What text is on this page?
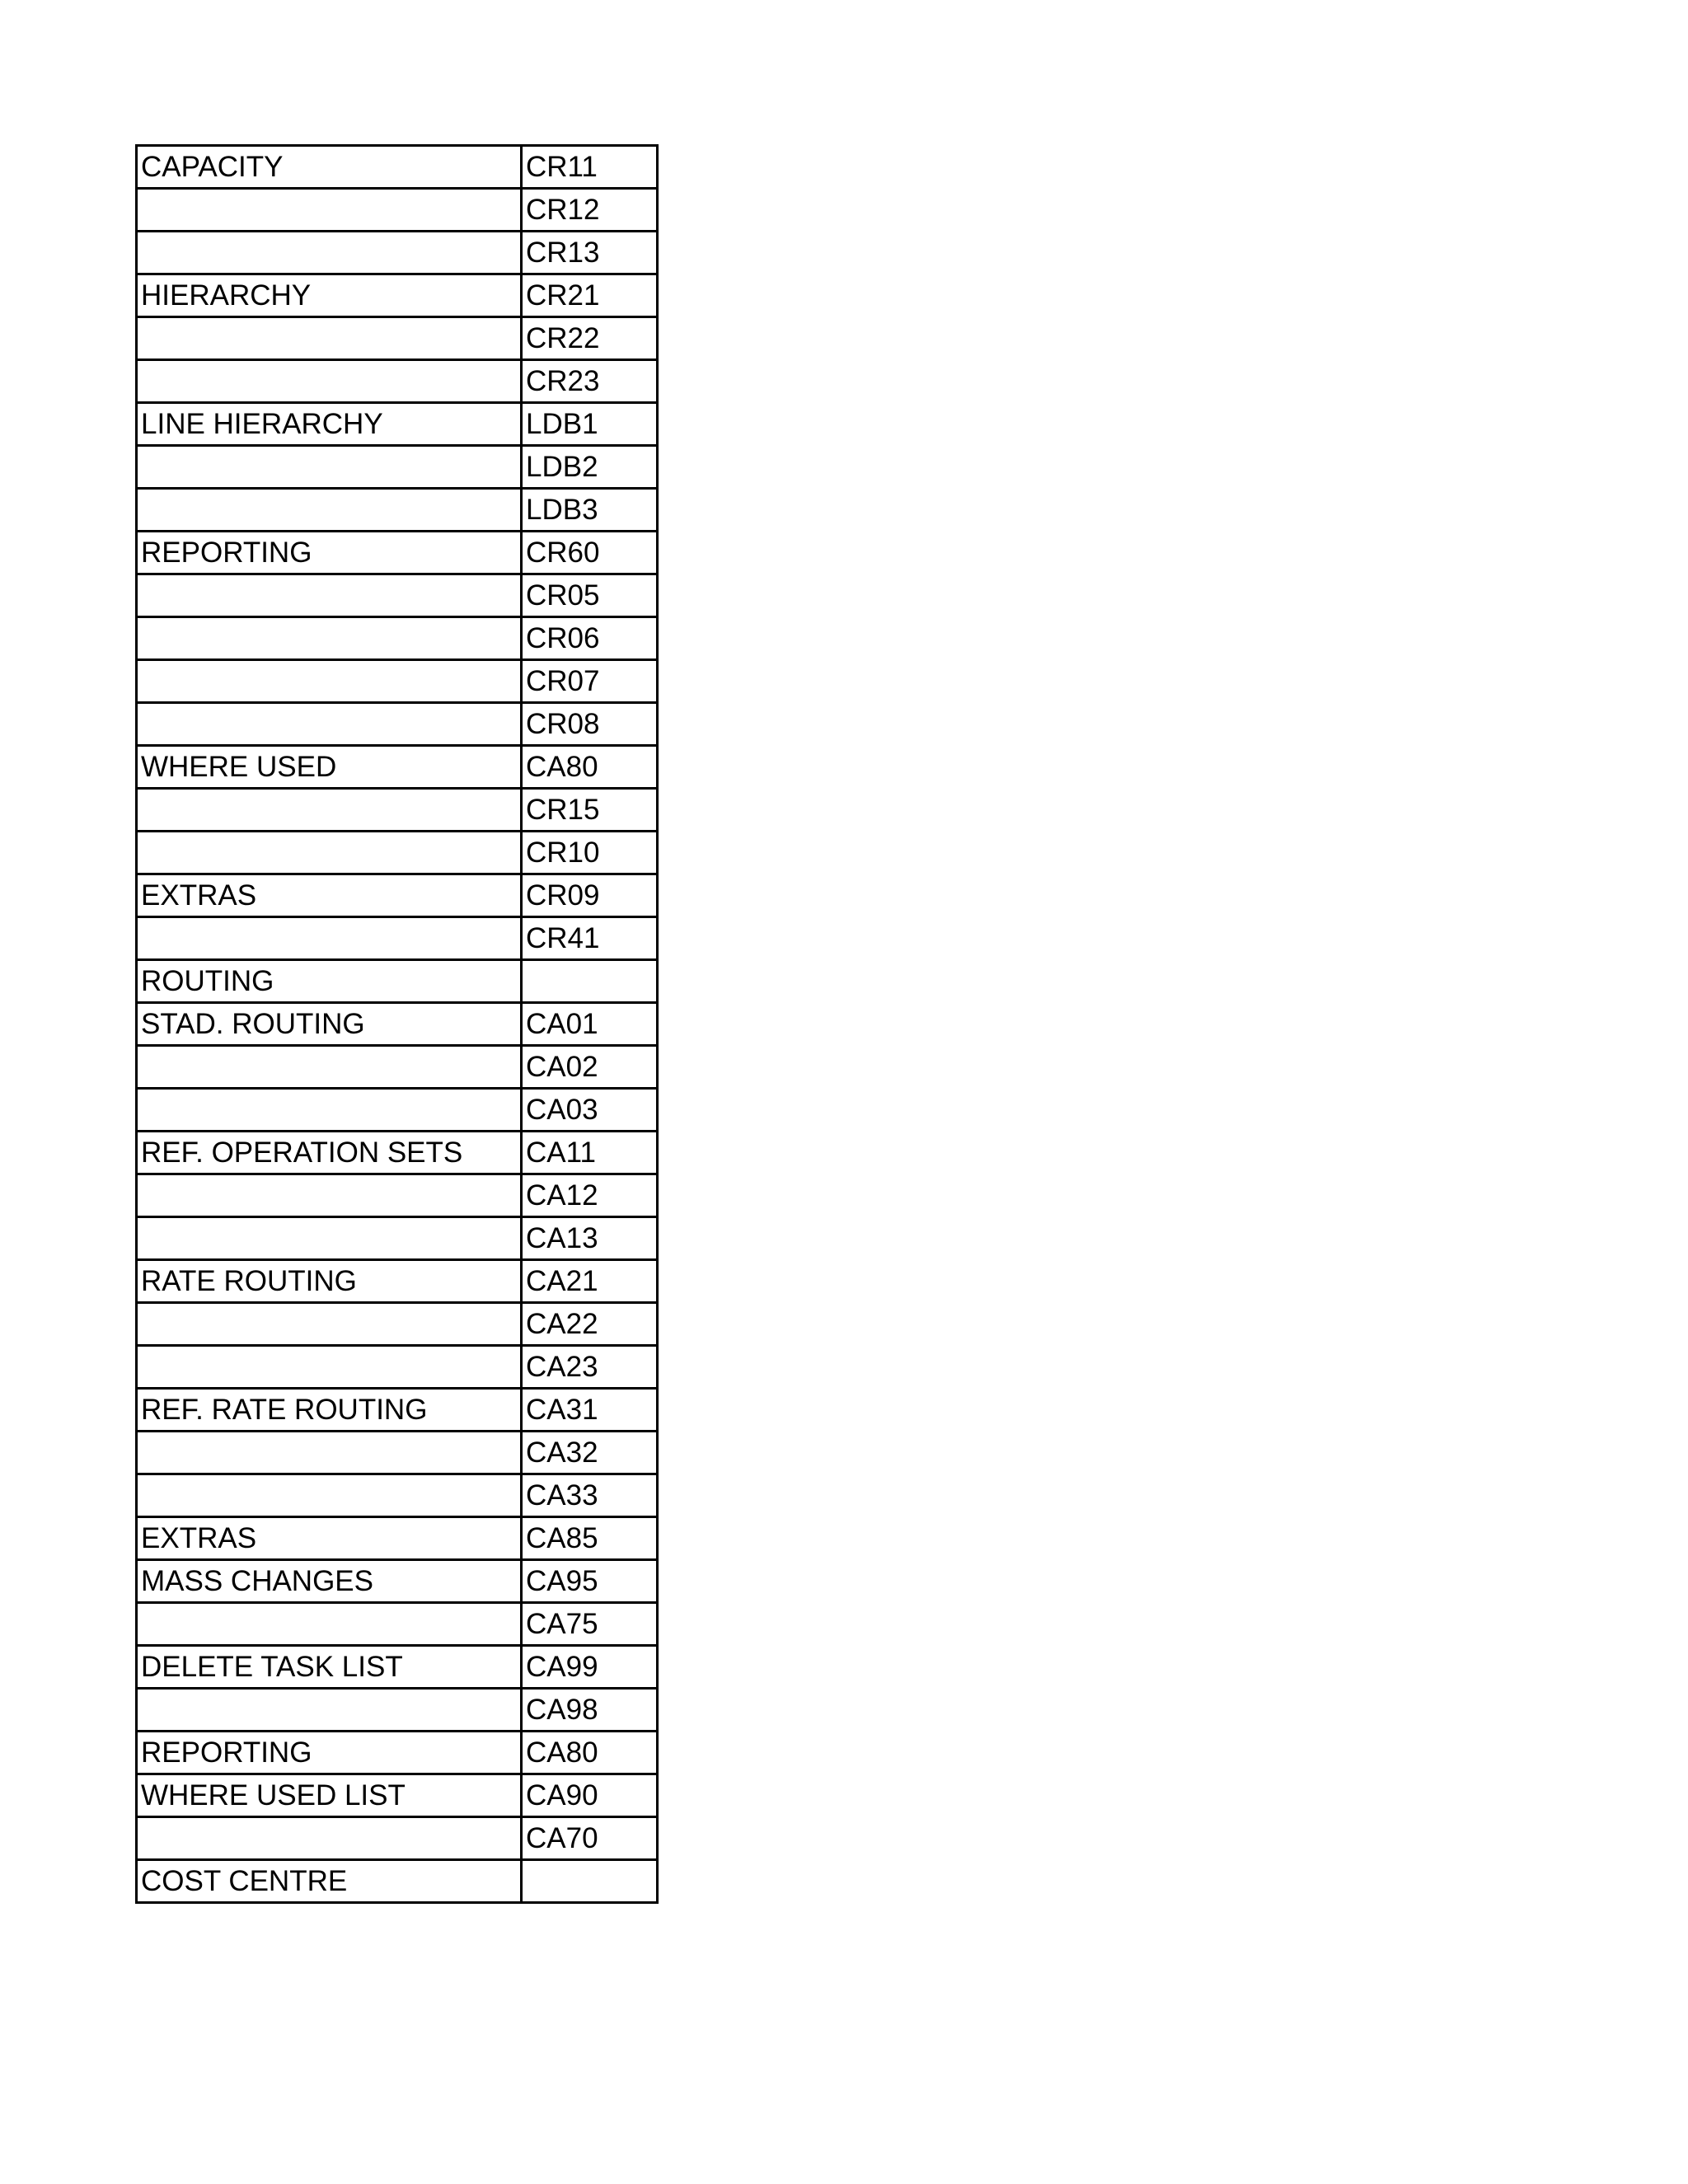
CAPACITY	CR11
	CR12
	CR13
HIERARCHY	CR21
	CR22
	CR23
LINE HIERARCHY	LDB1
	LDB2
	LDB3
REPORTING	CR60
	CR05
	CR06
	CR07
	CR08
WHERE USED	CA80
	CR15
	CR10
EXTRAS	CR09
	CR41
ROUTING	
STAD. ROUTING	CA01
	CA02
	CA03
REF. OPERATION SETS	CA11
	CA12
	CA13
RATE ROUTING	CA21
	CA22
	CA23
REF. RATE ROUTING	CA31
	CA32
	CA33
EXTRAS	CA85
MASS CHANGES	CA95
	CA75
DELETE TASK LIST	CA99
	CA98
REPORTING	CA80
WHERE USED LIST	CA90
	CA70
COST CENTRE	
